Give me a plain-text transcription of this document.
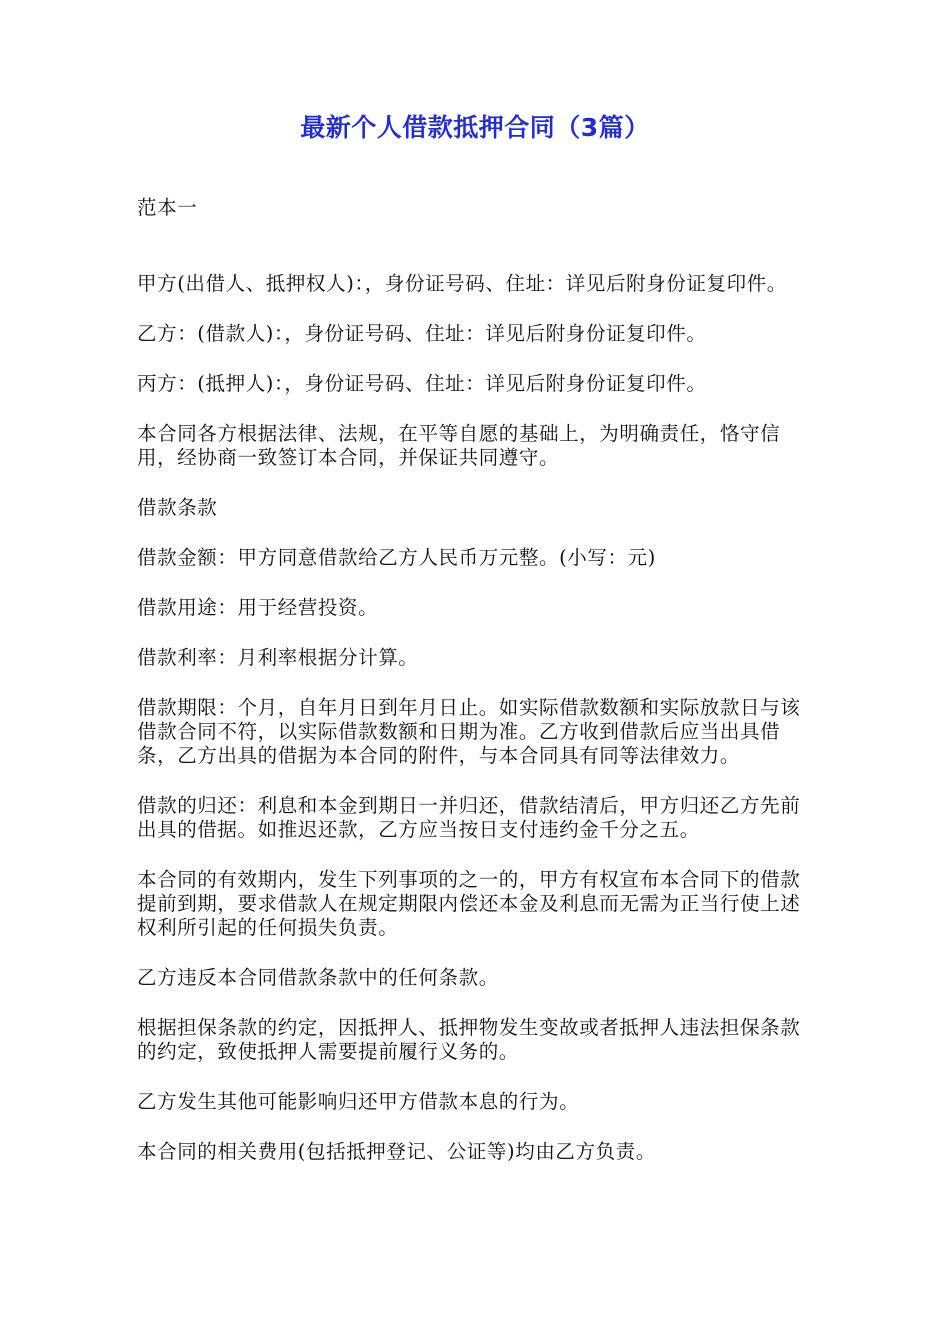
最新个人借款抵押合同（3篇）

范本一

甲方(出借人、抵押权人)：，身份证号码、住址：详见后附身份证复印件。

乙方：(借款人)：，身份证号码、住址：详见后附身份证复印件。

丙方：(抵押人)：，身份证号码、住址：详见后附身份证复印件。

本合同各方根据法律、法规，在平等自愿的基础上，为明确责任，恪守信用，经协商一致签订本合同，并保证共同遵守。

借款条款

借款金额：甲方同意借款给乙方人民币万元整。(小写：元)

借款用途：用于经营投资。

借款利率：月利率根据分计算。

借款期限：个月，自年月日到年月日止。如实际借款数额和实际放款日与该借款合同不符，以实际借款数额和日期为准。乙方收到借款后应当出具借条，乙方出具的借据为本合同的附件，与本合同具有同等法律效力。

借款的归还：利息和本金到期日一并归还，借款结清后，甲方归还乙方先前出具的借据。如推迟还款，乙方应当按日支付违约金千分之五。

本合同的有效期内，发生下列事项的之一的，甲方有权宣布本合同下的借款提前到期，要求借款人在规定期限内偿还本金及利息而无需为正当行使上述权利所引起的任何损失负责。

乙方违反本合同借款条款中的任何条款。

根据担保条款的约定，因抵押人、抵押物发生变故或者抵押人违法担保条款的约定，致使抵押人需要提前履行义务的。

乙方发生其他可能影响归还甲方借款本息的行为。

本合同的相关费用(包括抵押登记、公证等)均由乙方负责。
